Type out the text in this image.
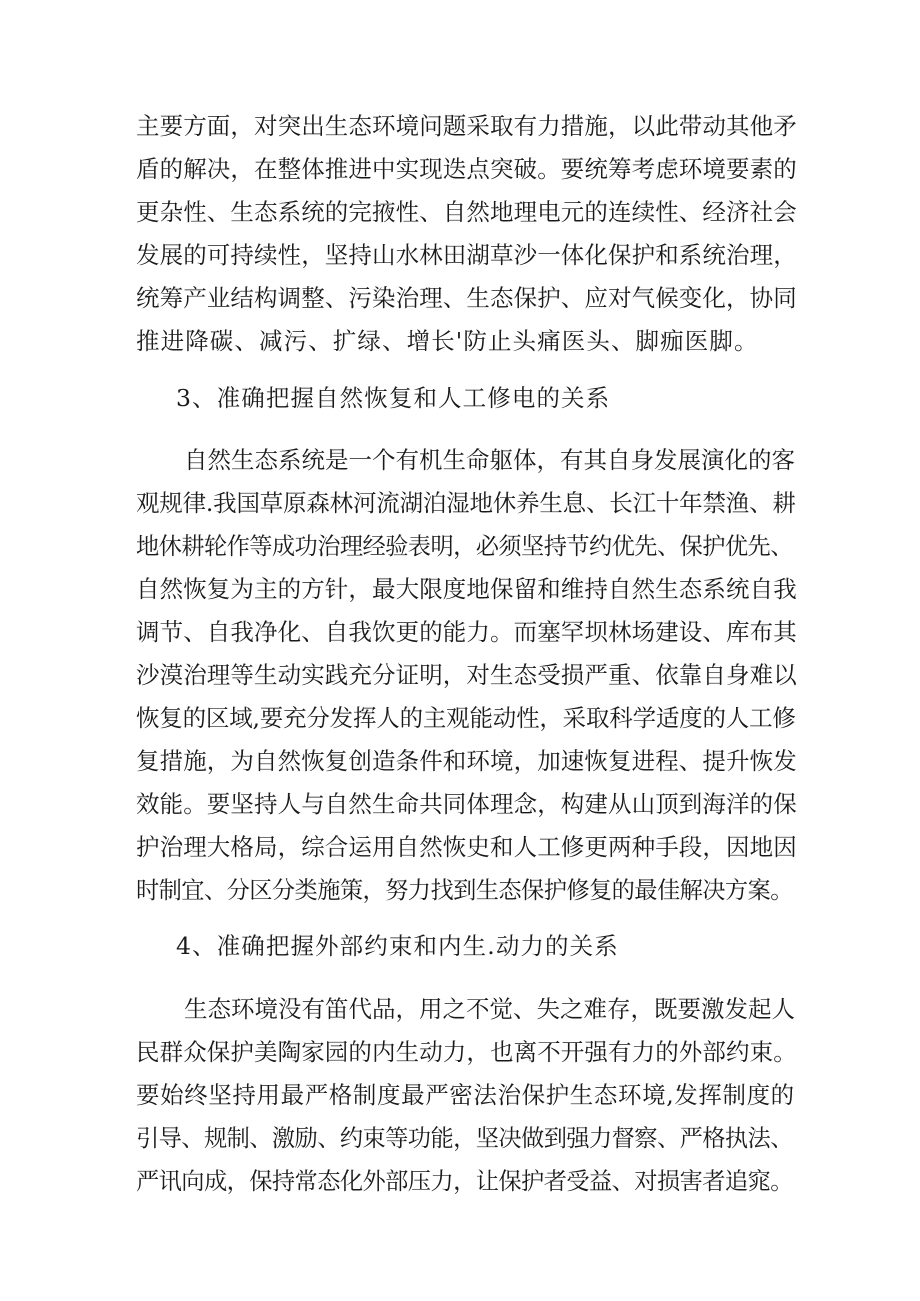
主要方面，对突出生态环境问题采取有力措施，以此带动其他矛
盾的解决，在整体推进中实现迭点突破。要统筹考虑环境要素的
更杂性、生态系统的完掖性、自然地理电元的连续性、经济社会
发展的可持续性，坚持山水林田湖草沙一体化保护和系统治理，
统筹产业结构调整、污染治理、生态保护、应对气候变化，协同
推进降碳、减污、扩绿、增长'防止头痛医头、脚痂医脚。
3、准确把握自然恢复和人工修电的关系
自然生态系统是一个有机生命躯体，有其自身发展演化的客
观规律.我国草原森林河流湖泊湿地休养生息、长江十年禁渔、耕
地休耕轮作等成功治理经验表明，必须坚持节约优先、保护优先、
自然恢复为主的方针，最大限度地保留和维持自然生态系统自我
调节、自我净化、自我饮更的能力。而塞罕坝林场建设、库布其
沙漠治理等生动实践充分证明，对生态受损严重、依靠自身难以
恢复的区域,要充分发挥人的主观能动性，采取科学适度的人工修
复措施，为自然恢复创造条件和环境，加速恢复进程、提升恢发
效能。要坚持人与自然生命共同体理念，构建从山顶到海洋的保
护治理大格局，综合运用自然恢史和人工修更两种手段，因地因
时制宜、分区分类施策，努力找到生态保护修复的最佳解决方案。
4、准确把握外部约束和内生.动力的关系
生态环境没有笛代品，用之不觉、失之难存，既要激发起人
民群众保护美陶家园的内生动力，也离不开强有力的外部约束。
要始终坚持用最严格制度最严密法治保护生态环境,发挥制度的
引导、规制、激励、约束等功能，坚决做到强力督察、严格执法、
严讯向成，保持常态化外部压力，让保护者受益、对损害者追窕。
